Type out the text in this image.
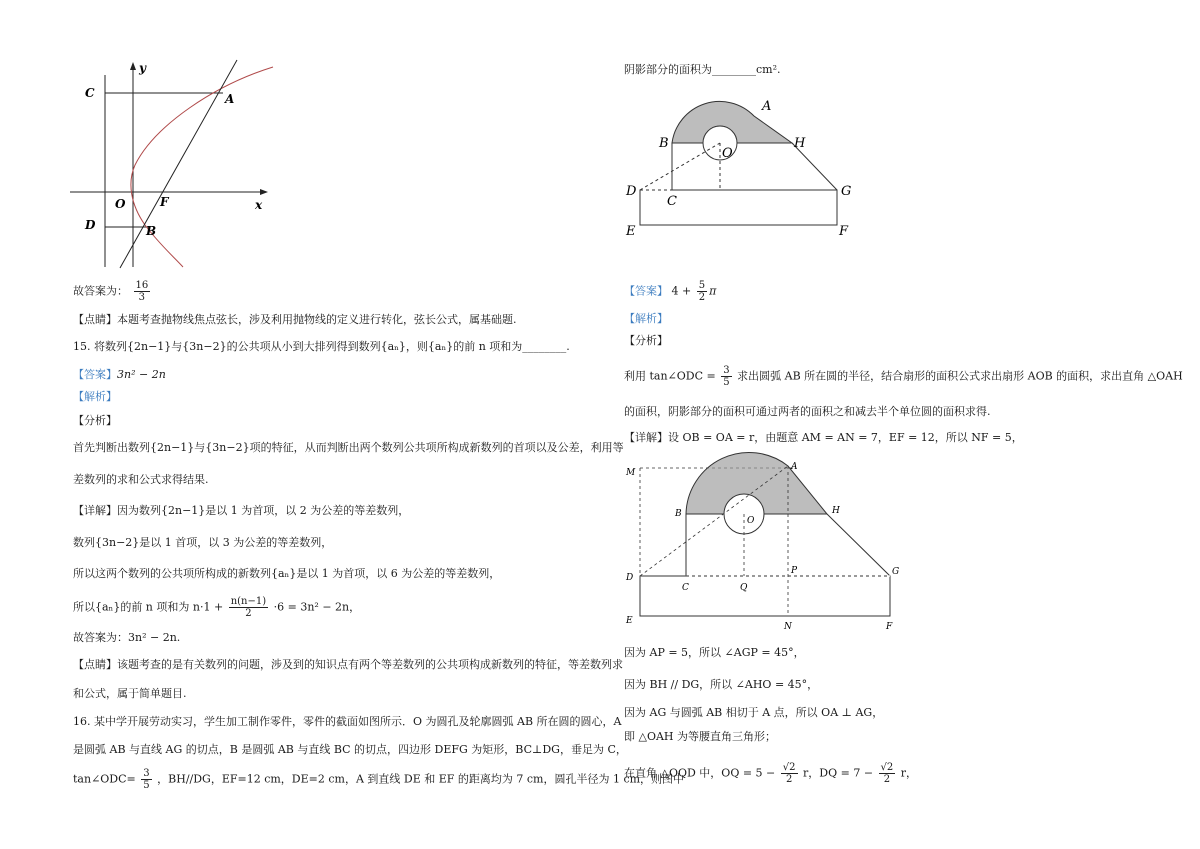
C	A
y
O	F	x
D	B
故答案为： $\frac{16}{3}$
【点睛】本题考查抛物线焦点弦长，涉及利用抛物线的定义进行转化，弦长公式，属基础题.
15. 将数列{2n−1}与{3n−2}的公共项从小到大排列得到数列{aₙ}，则{aₙ}的前 n 项和为________.
【答案】3n² − 2n
【解析】
【分析】
首先判断出数列{2n−1}与{3n−2}项的特征，从而判断出两个数列公共项所构成新数列的首项以及公差，利用等
差数列的求和公式求得结果.
【详解】因为数列{2n−1}是以 1 为首项，以 2 为公差的等差数列，
数列{3n−2}是以 1 首项，以 3 为公差的等差数列，
所以这两个数列的公共项所构成的新数列{aₙ}是以 1 为首项，以 6 为公差的等差数列，
所以{aₙ}的前 n 项和为 $n\cdot 1 + \frac{n(n-1)}{2} \cdot 6 = 3n^2 - 2n$，
故答案为：3n² − 2n.
【点睛】该题考查的是有关数列的问题，涉及到的知识点有两个等差数列的公共项构成新数列的特征，等差数列求
和公式，属于简单题目.
16. 某中学开展劳动实习，学生加工制作零件，零件的截面如图所示．O 为圆孔及轮廓圆弧 AB 所在圆的圆心，A
是圆弧 AB 与直线 AG 的切点，B 是圆弧 AB 与直线 BC 的切点，四边形 DEFG 为矩形，BC⊥DG，垂足为 C，
tan∠ODC= $\frac{3}{5}$ ，BH//DG，EF=12 cm，DE=2 cm，A 到直线 DE 和 EF 的距离均为 7 cm，圆孔半径为 1 cm，则图中
阴影部分的面积为________cm².
A
B
O
H
D
C
G
E	F
【答案】 $4 + \frac{5}{2}$ π
【解析】
【分析】
利用 tan∠ODC = $\frac{3}{5}$ 求出圆弧 AB 所在圆的半径，结合扇形的面积公式求出扇形 AOB 的面积，求出直角 △OAH
的面积，阴影部分的面积可通过两者的面积之和减去半个单位圆的面积求得.
【详解】设 OB = OA = r，由题意 AM = AN = 7，EF = 12，所以 NF = 5，
M
A
B
O
H
D
C	Q
P	G
E
N	F
因为 AP = 5，所以 ∠AGP = 45°，
因为 BH // DG，所以 ∠AHO = 45°，
因为 AG 与圆弧 AB 相切于 A 点，所以 OA ⊥ AG，
即 △OAH 为等腰直角三角形；
在直角 △OQD 中，OQ = $5 - \frac{√2}{2}$ r，DQ = $7 - \frac{√2}{2}$ r，
